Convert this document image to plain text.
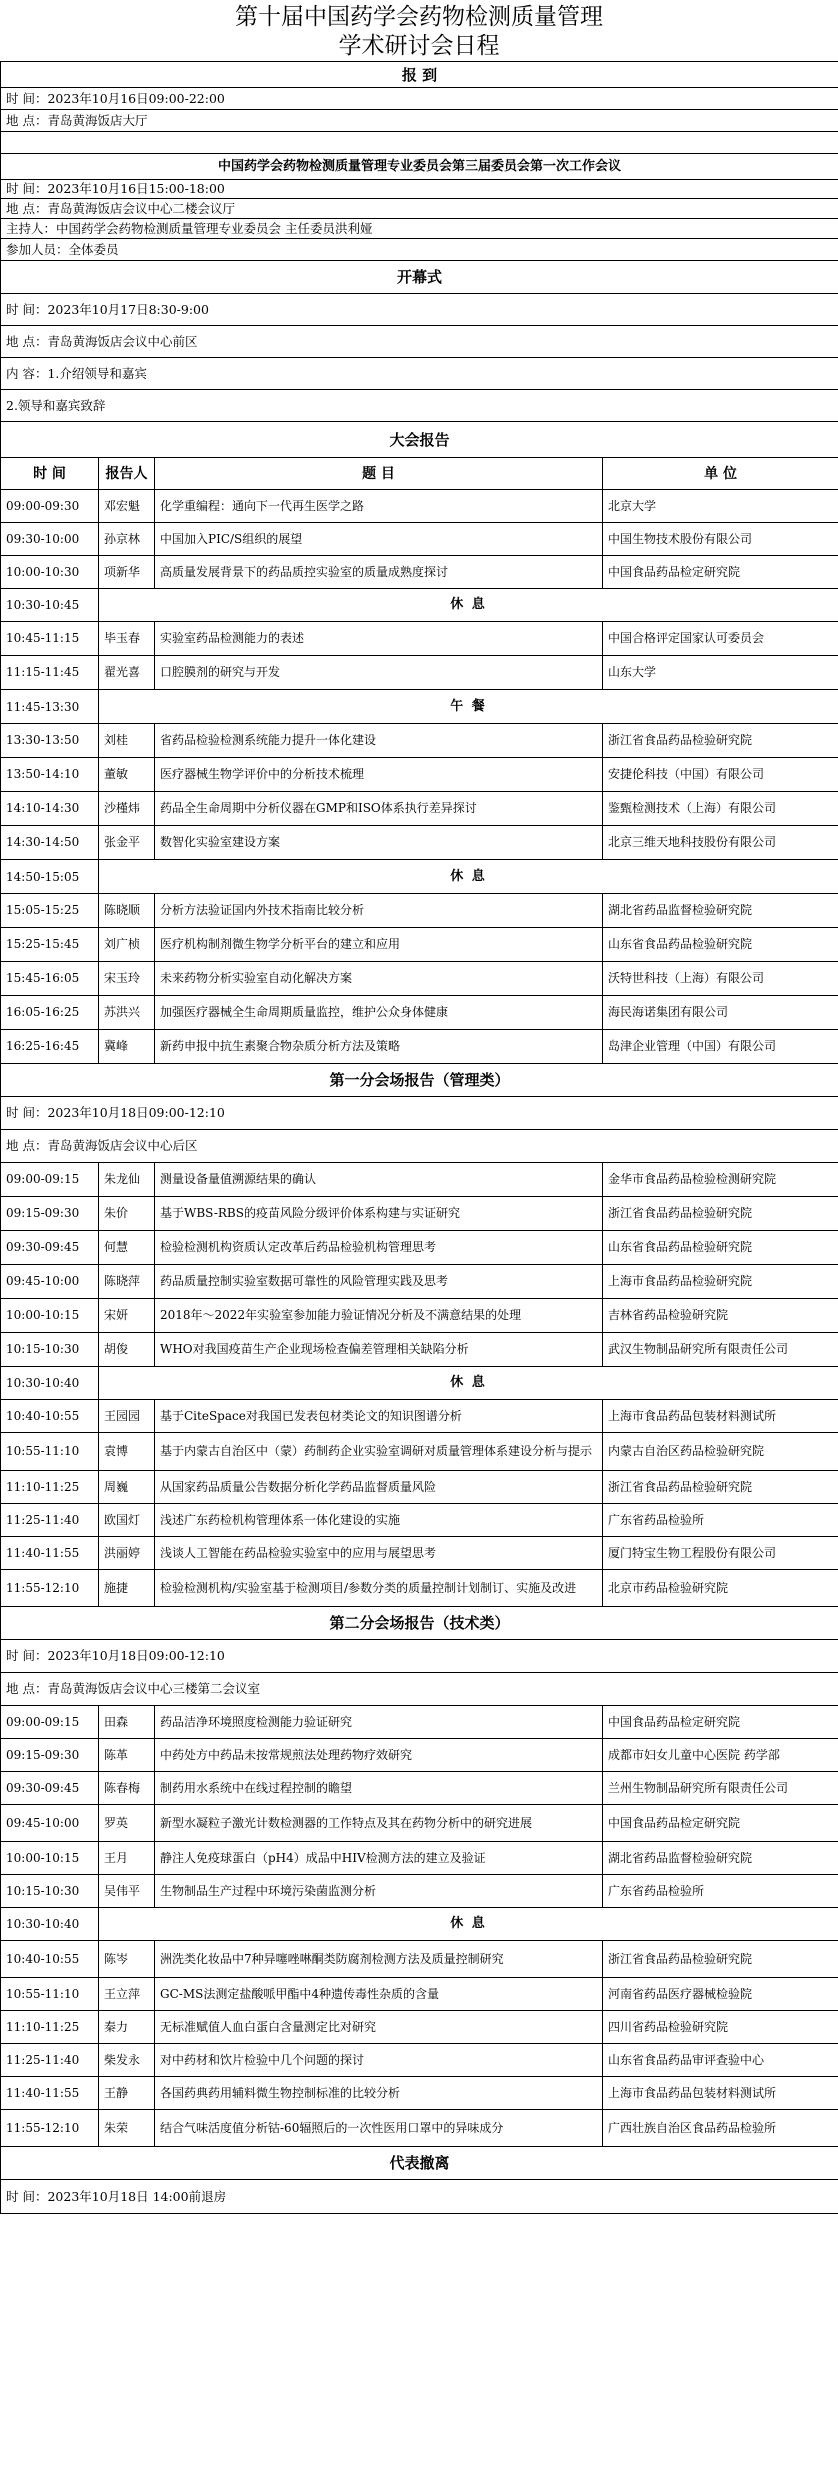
第十届中国药学会药物检测质量管理
学术研讨会日程
报 到			
时 间：2023年10月16日09:00-22:00			
地 点：青岛黄海饭店大厅			

中国药学会药物检测质量管理专业委员会第三届委员会第一次工作会议			
时 间：2023年10月16日15:00-18:00			
地 点：青岛黄海饭店会议中心二楼会议厅			
主持人：中国药学会药物检测质量管理专业委员会 主任委员洪利娅			
参加人员：全体委员			
开幕式			
时 间：2023年10月17日8:30-9:00			
地 点：青岛黄海饭店会议中心前区			
内 容：1.介绍领导和嘉宾			
2.领导和嘉宾致辞			
大会报告			
时 间	报告人	题 目	单 位
09:00-09:30	邓宏魁	化学重编程：通向下一代再生医学之路	北京大学
09:30-10:00	孙京林	中国加入PIC/S组织的展望	中国生物技术股份有限公司
10:00-10:30	项新华	高质量发展背景下的药品质控实验室的质量成熟度探讨	中国食品药品检定研究院
10:30-10:45	休 息		
10:45-11:15	毕玉春	实验室药品检测能力的表述	中国合格评定国家认可委员会
11:15-11:45	翟光喜	口腔膜剂的研究与开发	山东大学
11:45-13:30	午 餐		
13:30-13:50	刘桂	省药品检验检测系统能力提升一体化建设	浙江省食品药品检验研究院
13:50-14:10	董敏	医疗器械生物学评价中的分析技术梳理	安捷伦科技（中国）有限公司
14:10-14:30	沙槿炜	药品全生命周期中分析仪器在GMP和ISO体系执行差异探讨	鉴甄检测技术（上海）有限公司
14:30-14:50	张金平	数智化实验室建设方案	北京三维天地科技股份有限公司
14:50-15:05	休 息		
15:05-15:25	陈晓顺	分析方法验证国内外技术指南比较分析	湖北省药品监督检验研究院
15:25-15:45	刘广桢	医疗机构制剂微生物学分析平台的建立和应用	山东省食品药品检验研究院
15:45-16:05	宋玉玲	未来药物分析实验室自动化解决方案	沃特世科技（上海）有限公司
16:05-16:25	苏洪兴	加强医疗器械全生命周期质量监控，维护公众身体健康	海民海诺集团有限公司
16:25-16:45	冀峰	新药申报中抗生素聚合物杂质分析方法及策略	岛津企业管理（中国）有限公司
第一分会场报告（管理类）			
时 间：2023年10月18日09:00-12:10			
地 点：青岛黄海饭店会议中心后区			
09:00-09:15	朱龙仙	测量设备量值溯源结果的确认	金华市食品药品检验检测研究院
09:15-09:30	朱价	基于WBS-RBS的疫苗风险分级评价体系构建与实证研究	浙江省食品药品检验研究院
09:30-09:45	何慧	检验检测机构资质认定改革后药品检验机构管理思考	山东省食品药品检验研究院
09:45-10:00	陈晓萍	药品质量控制实验室数据可靠性的风险管理实践及思考	上海市食品药品检验研究院
10:00-10:15	宋妍	2018年～2022年实验室参加能力验证情况分析及不满意结果的处理	吉林省药品检验研究院
10:15-10:30	胡俊	WHO对我国疫苗生产企业现场检查偏差管理相关缺陷分析	武汉生物制品研究所有限责任公司
10:30-10:40	休 息		
10:40-10:55	王园园	基于CiteSpace对我国已发表包材类论文的知识图谱分析	上海市食品药品包装材料测试所
10:55-11:10	袁博	基于内蒙古自治区中（蒙）药制药企业实验室调研对质量管理体系建设分析与提示	内蒙古自治区药品检验研究院
11:10-11:25	周巍	从国家药品质量公告数据分析化学药品监督质量风险	浙江省食品药品检验研究院
11:25-11:40	欧国灯	浅述广东药检机构管理体系一体化建设的实施	广东省药品检验所
11:40-11:55	洪丽婷	浅谈人工智能在药品检验实验室中的应用与展望思考	厦门特宝生物工程股份有限公司
11:55-12:10	施捷	检验检测机构/实验室基于检测项目/参数分类的质量控制计划制订、实施及改进	北京市药品检验研究院
第二分会场报告（技术类）			
时 间：2023年10月18日09:00-12:10			
地 点：青岛黄海饭店会议中心三楼第二会议室			
09:00-09:15	田森	药品洁净环境照度检测能力验证研究	中国食品药品检定研究院
09:15-09:30	陈革	中药处方中药品未按常规煎法处理药物疗效研究	成都市妇女儿童中心医院 药学部
09:30-09:45	陈春梅	制药用水系统中在线过程控制的瞻望	兰州生物制品研究所有限责任公司
09:45-10:00	罗英	新型水凝粒子激光计数检测器的工作特点及其在药物分析中的研究进展	中国食品药品检定研究院
10:00-10:15	王月	静注人免疫球蛋白（pH4）成品中HIV检测方法的建立及验证	湖北省药品监督检验研究院
10:15-10:30	吴伟平	生物制品生产过程中环境污染菌监测分析	广东省药品检验所
10:30-10:40	休 息		
10:40-10:55	陈岑	洲洗类化妆品中7种异噻唑啉酮类防腐剂检测方法及质量控制研究	浙江省食品药品检验研究院
10:55-11:10	王立萍	GC-MS法测定盐酸哌甲酯中4种遗传毒性杂质的含量	河南省药品医疗器械检验院
11:10-11:25	秦力	无标准赋值人血白蛋白含量测定比对研究	四川省药品检验研究院
11:25-11:40	柴发永	对中药材和饮片检验中几个问题的探讨	山东省食品药品审评查验中心
11:40-11:55	王静	各国药典药用辅料微生物控制标准的比较分析	上海市食品药品包装材料测试所
11:55-12:10	朱荣	结合气味活度值分析钴-60辐照后的一次性医用口罩中的异味成分	广西壮族自治区食品药品检验所
代表撤离			
时 间：2023年10月18日 14:00前退房			
